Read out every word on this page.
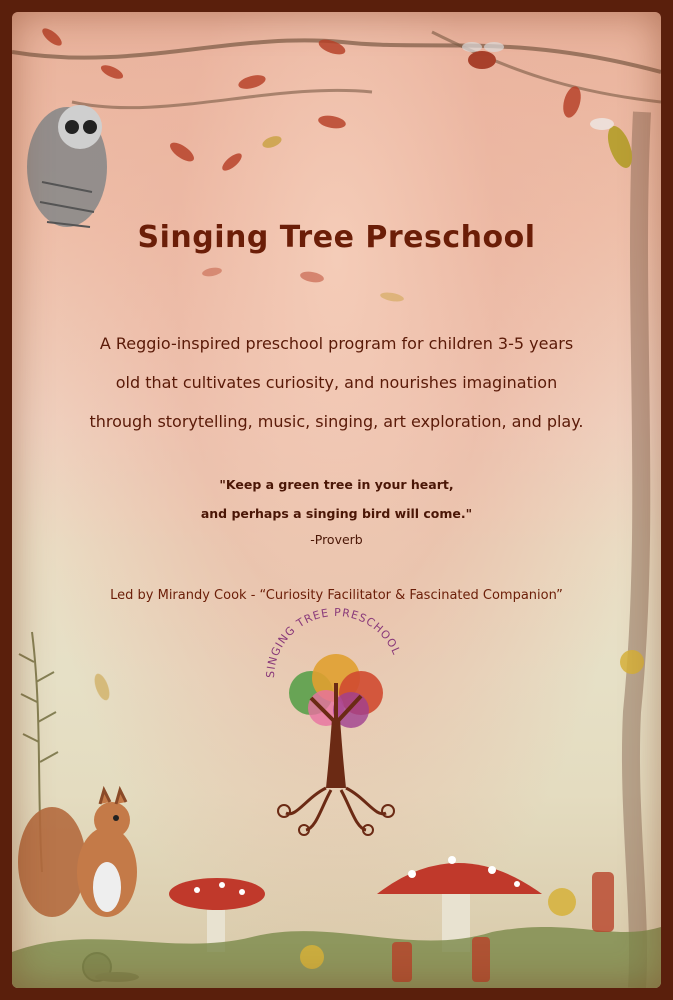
Singing Tree Preschool
A Reggio-inspired preschool program for children 3-5 years
old that cultivates curiosity, and nourishes imagination
through storytelling, music, singing, art exploration, and play.
"Keep a green tree in your heart,
and perhaps a singing bird will come."
-Proverb
Led by Mirandy Cook - “Curiosity Facilitator & Fascinated Companion”
SINGING TREE PRESCHOOL
